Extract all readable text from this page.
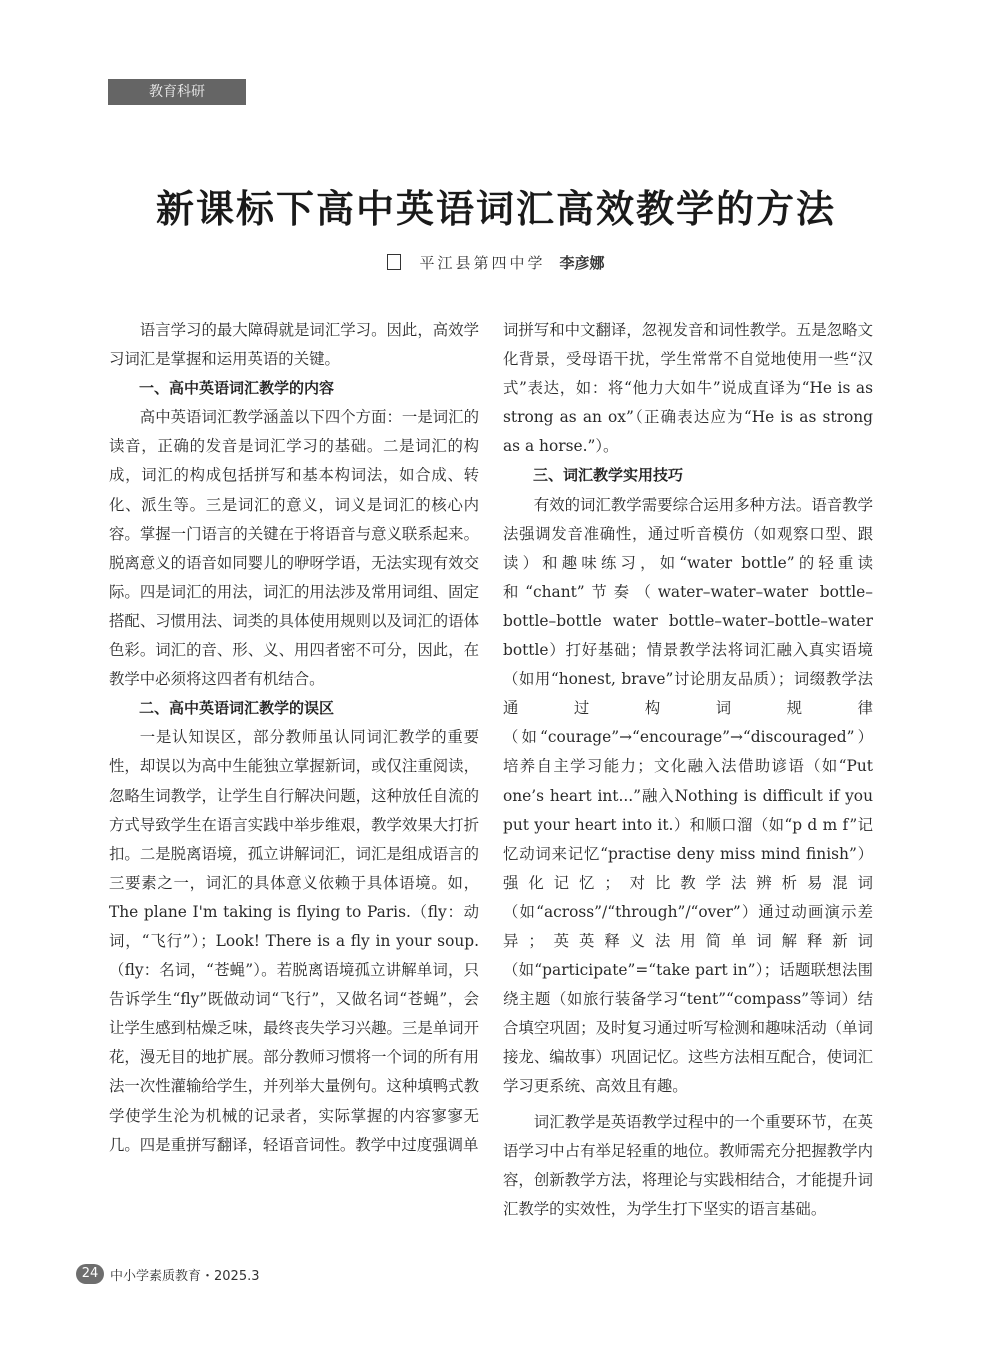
教育科研
新课标下高中英语词汇高效教学的方法
平江县第四中学 李彦娜

语言学习的最大障碍就是词汇学习。因此，高效学习词汇是掌握和运用英语的关键。

一、高中英语词汇教学的内容

高中英语词汇教学涵盖以下四个方面：一是词汇的读音，正确的发音是词汇学习的基础。二是词汇的构成，词汇的构成包括拼写和基本构词法，如合成、转化、派生等。三是词汇的意义，词义是词汇的核心内容。掌握一门语言的关键在于将语音与意义联系起来。脱离意义的语音如同婴儿的咿呀学语，无法实现有效交际。四是词汇的用法，词汇的用法涉及常用词组、固定搭配、习惯用法、词类的具体使用规则以及词汇的语体色彩。词汇的音、形、义、用四者密不可分，因此，在教学中必须将这四者有机结合。

二、高中英语词汇教学的误区

一是认知误区，部分教师虽认同词汇教学的重要性，却误以为高中生能独立掌握新词，或仅注重阅读，忽略生词教学，让学生自行解决问题，这种放任自流的方式导致学生在语言实践中举步维艰，教学效果大打折扣。二是脱离语境，孤立讲解词汇，词汇是组成语言的三要素之一，词汇的具体意义依赖于具体语境。如，The plane I'm taking is flying to Paris.（fly：动词，“飞行”）；Look! There is a fly in your soup.（fly：名词，“苍蝇”）。若脱离语境孤立讲解单词，只告诉学生“fly”既做动词“飞行”，又做名词“苍蝇”，会让学生感到枯燥乏味，最终丧失学习兴趣。三是单词开花，漫无目的地扩展。部分教师习惯将一个词的所有用法一次性灌输给学生，并列举大量例句。这种填鸭式教学使学生沦为机械的记录者，实际掌握的内容寥寥无几。四是重拼写翻译，轻语音词性。教学中过度强调单

词拼写和中文翻译，忽视发音和词性教学。五是忽略文化背景，受母语干扰，学生常常不自觉地使用一些“汉式”表达，如：将“他力大如牛”说成直译为“He is as strong as an ox”（正确表达应为“He is as strong as a horse.”）。

三、词汇教学实用技巧

有效的词汇教学需要综合运用多种方法。语音教学法强调发音准确性，通过听音模仿（如观察口型、跟读）和趣味练习，如“water bottle”的轻重读和“chant”节奏（water–water–water bottle–bottle–bottle water bottle–water–bottle–water bottle）打好基础；情景教学法将词汇融入真实语境（如用“honest, brave”讨论朋友品质）；词缀教学法通过构词规律（如“courage”→“encourage”→“discouraged”）培养自主学习能力；文化融入法借助谚语（如“Put one’s heart int...”融入Nothing is difficult if you put your heart into it.）和顺口溜（如“p d m f”记忆动词来记忆“practise deny miss mind finish”）强化记忆；对比教学法辨析易混词（如“across”/“through”/“over”）通过动画演示差异；英英释义法用简单词解释新词（如“participate”=“take part in”）；话题联想法围绕主题（如旅行装备学习“tent”“compass”等词）结合填空巩固；及时复习通过听写检测和趣味活动（单词接龙、编故事）巩固记忆。这些方法相互配合，使词汇学习更系统、高效且有趣。

词汇教学是英语教学过程中的一个重要环节，在英语学习中占有举足轻重的地位。教师需充分把握教学内容，创新教学方法，将理论与实践相结合，才能提升词汇教学的实效性，为学生打下坚实的语言基础。

24 中小学素质教育・2025.3
